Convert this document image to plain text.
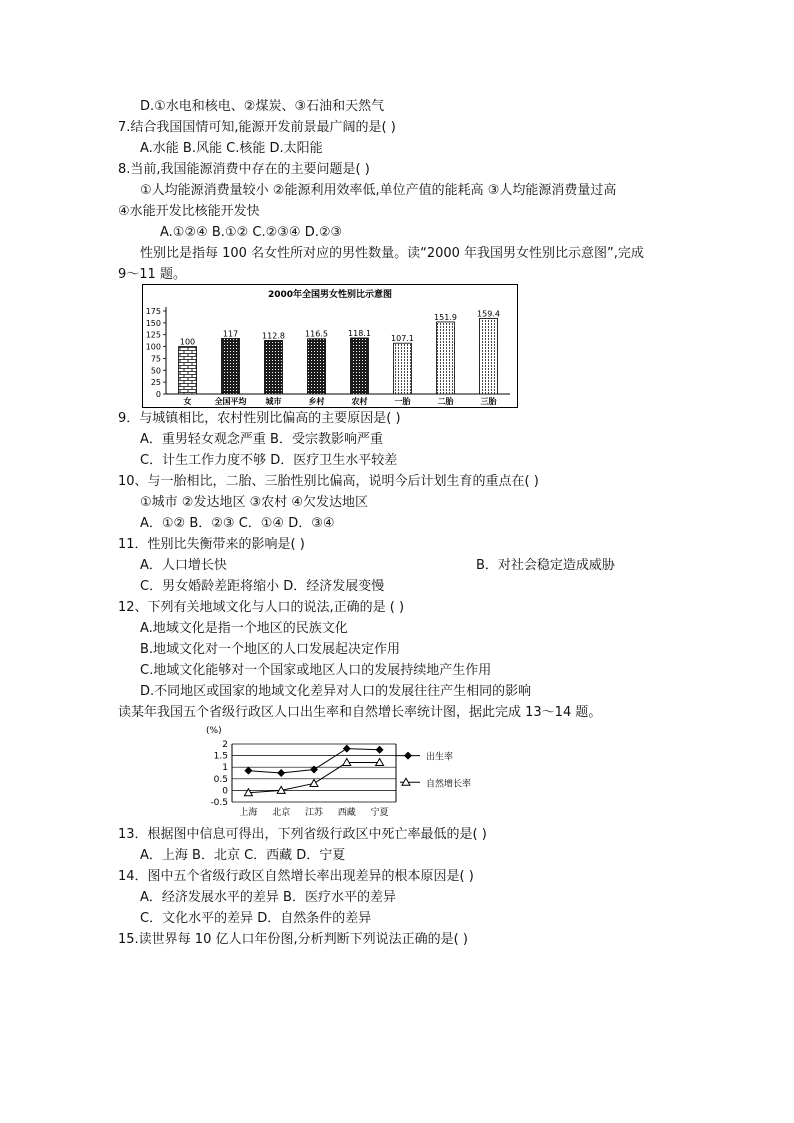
D.①水电和核电、②煤炭、③石油和天然气
7.结合我国国情可知,能源开发前景最广阔的是( )
A.水能 B.风能 C.核能 D.太阳能
8.当前,我国能源消费中存在的主要问题是( )
①人均能源消费量较小 ②能源利用效率低,单位产值的能耗高 ③人均能源消费量过高
④水能开发比核能开发快
A.①②④ B.①② C.②③④ D.②③
性别比是指每 100 名女性所对应的男性数量。读“2000 年我国男女性别比示意图”,完成
9～11 题。
2000年全国男女性别比示意图
0
25
50
75
100
125
150
175
100
女
117
全国平均
112.8
城市
116.5
乡村
118.1
农村
107.1
一胎
151.9
二胎
159.4
三胎
9．与城镇相比，农村性别比偏高的主要原因是( )
A．重男轻女观念严重 B．受宗教影响严重
C．计生工作力度不够 D．医疗卫生水平较差
10、与一胎相比，二胎、三胎性别比偏高，说明今后计划生育的重点在( )
①城市 ②发达地区 ③农村 ④欠发达地区
A．①② B．②③ C．①④ D．③④
11．性别比失衡带来的影响是( )
A．人口增长快	B．对社会稳定造成威胁
C．男女婚龄差距将缩小 D．经济发展变慢
12、下列有关地域文化与人口的说法,正确的是 ( )
A.地域文化是指一个地区的民族文化
B.地域文化对一个地区的人口发展起决定作用
C.地域文化能够对一个国家或地区人口的发展持续地产生作用
D.不同地区或国家的地域文化差异对人口的发展往往产生相同的影响
读某年我国五个省级行政区人口出生率和自然增长率统计图，据此完成 13～14 题。
(%)
-0.5
0
0.5
1
1.5
2
上海 北京 江苏 西藏 宁夏
出生率
自然增长率
13．根据图中信息可得出，下列省级行政区中死亡率最低的是( )
A．上海 B．北京 C．西藏 D．宁夏
14．图中五个省级行政区自然增长率出现差异的根本原因是( )
A．经济发展水平的差异 B．医疗水平的差异
C．文化水平的差异 D．自然条件的差异
15.读世界每 10 亿人口年份图,分析判断下列说法正确的是( )
